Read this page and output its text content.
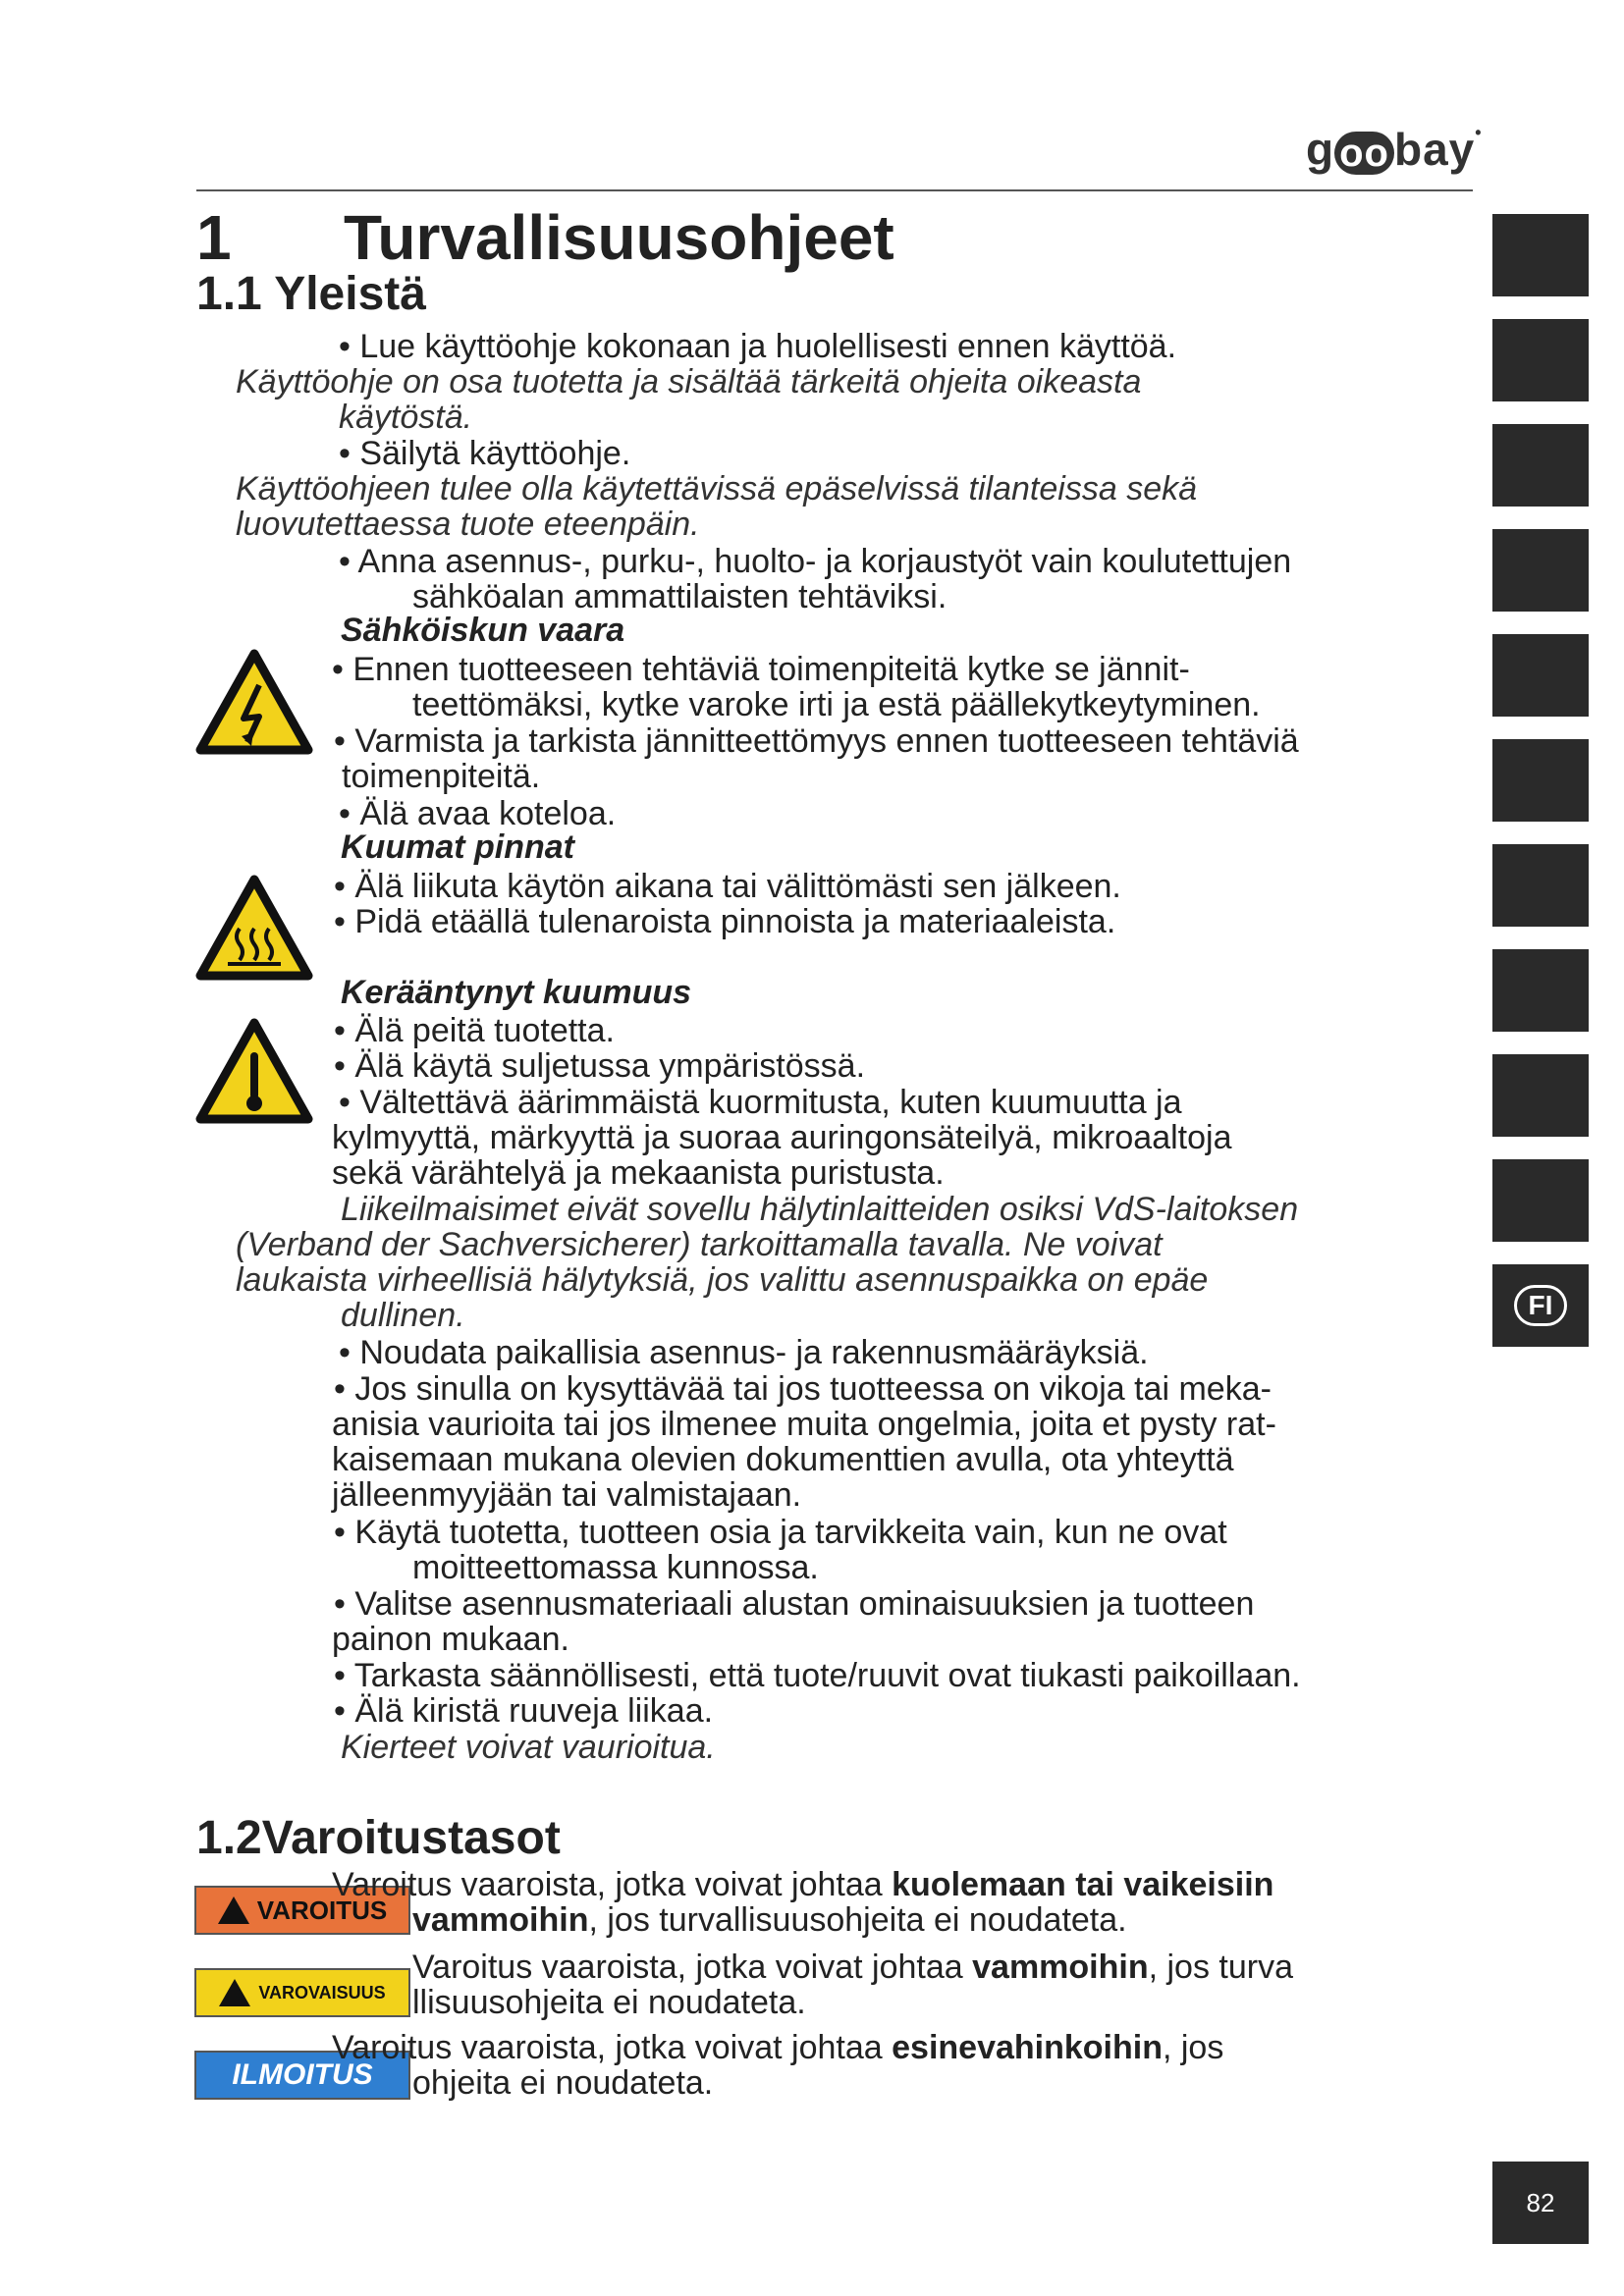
g oo bay•
FI
82
1 Turvallisuusohjeet
1.1 Yleistä
• Lue käyttöohje kokonaan ja huolellisesti ennen käyttöä.
Käyttöohje on osa tuotetta ja sisältää tärkeitä ohjeita oikeasta
käytöstä.
• Säilytä käyttöohje.
Käyttöohjeen tulee olla käytettävissä epäselvissä tilanteissa sekä
luovutettaessa tuote eteenpäin.
• Anna asennus-, purku-, huolto- ja korjaustyöt vain koulutettujen
sähköalan ammattilaisten tehtäviksi.
Sähköiskun vaara
• Ennen tuotteeseen tehtäviä toimenpiteitä kytke se jännit-
teettömäksi, kytke varoke irti ja estä päällekytkeytyminen.
• Varmista ja tarkista jännitteettömyys ennen tuotteeseen tehtäviä
toimenpiteitä.
• Älä avaa koteloa.
Kuumat pinnat
• Älä liikuta käytön aikana tai välittömästi sen jälkeen.
• Pidä etäällä tulenaroista pinnoista ja materiaaleista.
Kerääntynyt kuumuus
• Älä peitä tuotetta.
• Älä käytä suljetussa ympäristössä.
• Vältettävä äärimmäistä kuormitusta, kuten kuumuutta ja
kylmyyttä, märkyyttä ja suoraa auringonsäteilyä, mikroaaltoja
sekä värähtelyä ja mekaanista puristusta.
Liikeilmaisimet eivät sovellu hälytinlaitteiden osiksi VdS-laitoksen
(Verband der Sachversicherer) tarkoittamalla tavalla. Ne voivat
laukaista virheellisiä hälytyksiä, jos valittu asennuspaikka on epäe
dullinen.
• Noudata paikallisia asennus- ja rakennusmääräyksiä.
• Jos sinulla on kysyttävää tai jos tuotteessa on vikoja tai meka-
anisia vaurioita tai jos ilmenee muita ongelmia, joita et pysty rat-
kaisemaan mukana olevien dokumenttien avulla, ota yhteyttä
jälleenmyyjään tai valmistajaan.
• Käytä tuotetta, tuotteen osia ja tarvikkeita vain, kun ne ovat
moitteettomassa kunnossa.
• Valitse asennusmateriaali alustan ominaisuuksien ja tuotteen
painon mukaan.
• Tarkasta säännöllisesti, että tuote/ruuvit ovat tiukasti paikoillaan.
• Älä kiristä ruuveja liikaa.
Kierteet voivat vaurioitua.
1.2Varoitustasot
VAROITUS
Varoitus vaaroista, jotka voivat johtaa kuolemaan tai vaikeisiin
vammoihin, jos turvallisuusohjeita ei noudateta.
VAROVAISUUS
Varoitus vaaroista, jotka voivat johtaa vammoihin, jos turva
llisuusohjeita ei noudateta.
ILMOITUS
Varoitus vaaroista, jotka voivat johtaa esinevahinkoihin, jos
ohjeita ei noudateta.
